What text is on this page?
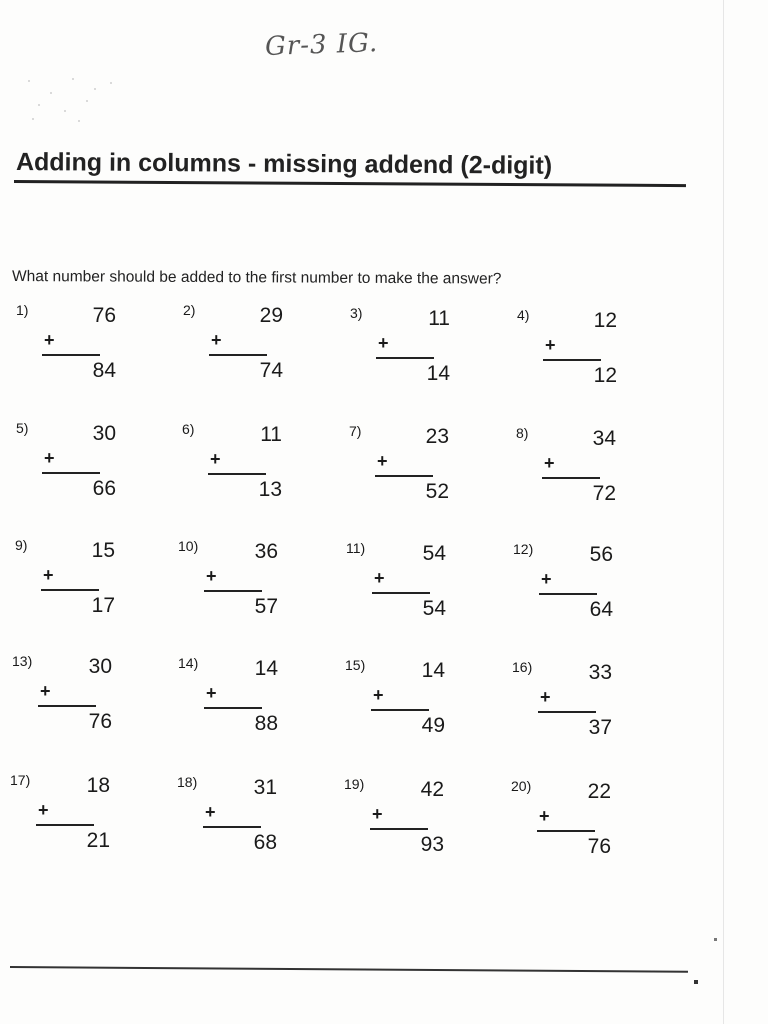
Gr-3 IG.
Adding in columns - missing addend (2-digit)
What number should be added to the first number to make the answer?
1)	76
+
84
2)	29
+
74
3)	11
+
14
4)	12
+
12
5)	30
+
66
6)	11
+
13
7)	23
+
52
8)	34
+
72
9)	15
+
17
10)	36
+
57
11)	54
+
54
12)	56
+
64
13)	30
+
76
14)	14
+
88
15)	14
+
49
16)	33
+
37
17)	18
+
21
18)	31
+
68
19)	42
+
93
20)	22
+
76
